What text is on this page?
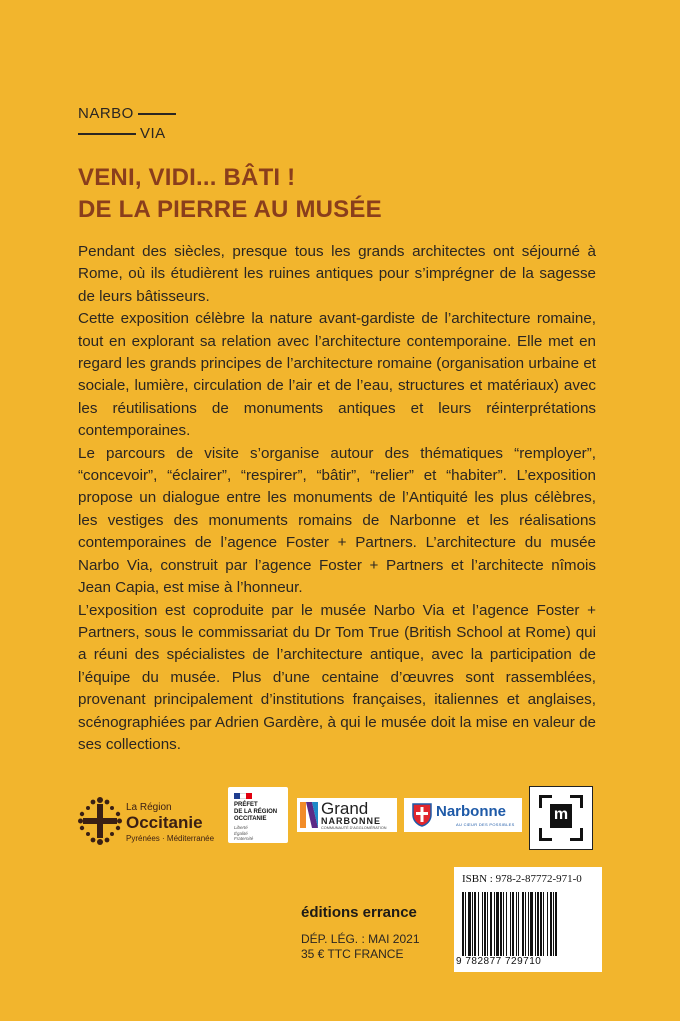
NARBO
VIA
VENI, VIDI... BÂTI !
DE LA PIERRE AU MUSÉE

Pendant des siècles, presque tous les grands architectes ont séjourné à Rome, où ils étudièrent les ruines antiques pour s’imprégner de la sagesse de leurs bâtisseurs.

Cette exposition célèbre la nature avant-gardiste de l’architecture romaine, tout en explorant sa relation avec l’architecture contemporaine. Elle met en regard les grands principes de l’architecture romaine (organisation urbaine et sociale, lumière, circulation de l’air et de l’eau, structures et matériaux) avec les réutilisations de monuments antiques et leurs réinterprétations contemporaines.

Le parcours de visite s’organise autour des thématiques “remployer”, “concevoir”, “éclairer”, “respirer”, “bâtir”, “relier” et “habiter”. L’exposition propose un dialogue entre les monuments de l’Antiquité les plus célèbres, les vestiges des monuments romains de Narbonne et les réalisations contemporaines de l’agence Foster + Partners. L’architecture du musée Narbo Via, construit par l’agence Foster + Partners et l’architecte nîmois Jean Capia, est mise à l’honneur.

L’exposition est coproduite par le musée Narbo Via et l’agence Foster + Partners, sous le commissariat du Dr Tom True (British School at Rome) qui a réuni des spécialistes de l’architecture antique, avec la participation de l’équipe du musée. Plus d’une centaine d’œuvres sont rassemblées, provenant principalement d’institutions françaises, italiennes et anglaises, scénographiées par Adrien Gardère, à qui le musée doit la mise en valeur de ses collections.

La Région
Occitanie
Pyrénées · Méditerranée
PRÉFET
DE LA RÉGION
OCCITANIE
Liberté
Égalité
Fraternité
Grand
NARBONNE
COMMUNAUTÉ D’AGGLOMÉRATION
Narbonne
AU CŒUR DES POSSIBLES
m
éditions errance
DÉP. LÉG. : MAI 2021
35 € TTC FRANCE
ISBN : 978-2-87772-971-0
9 782877 729710
